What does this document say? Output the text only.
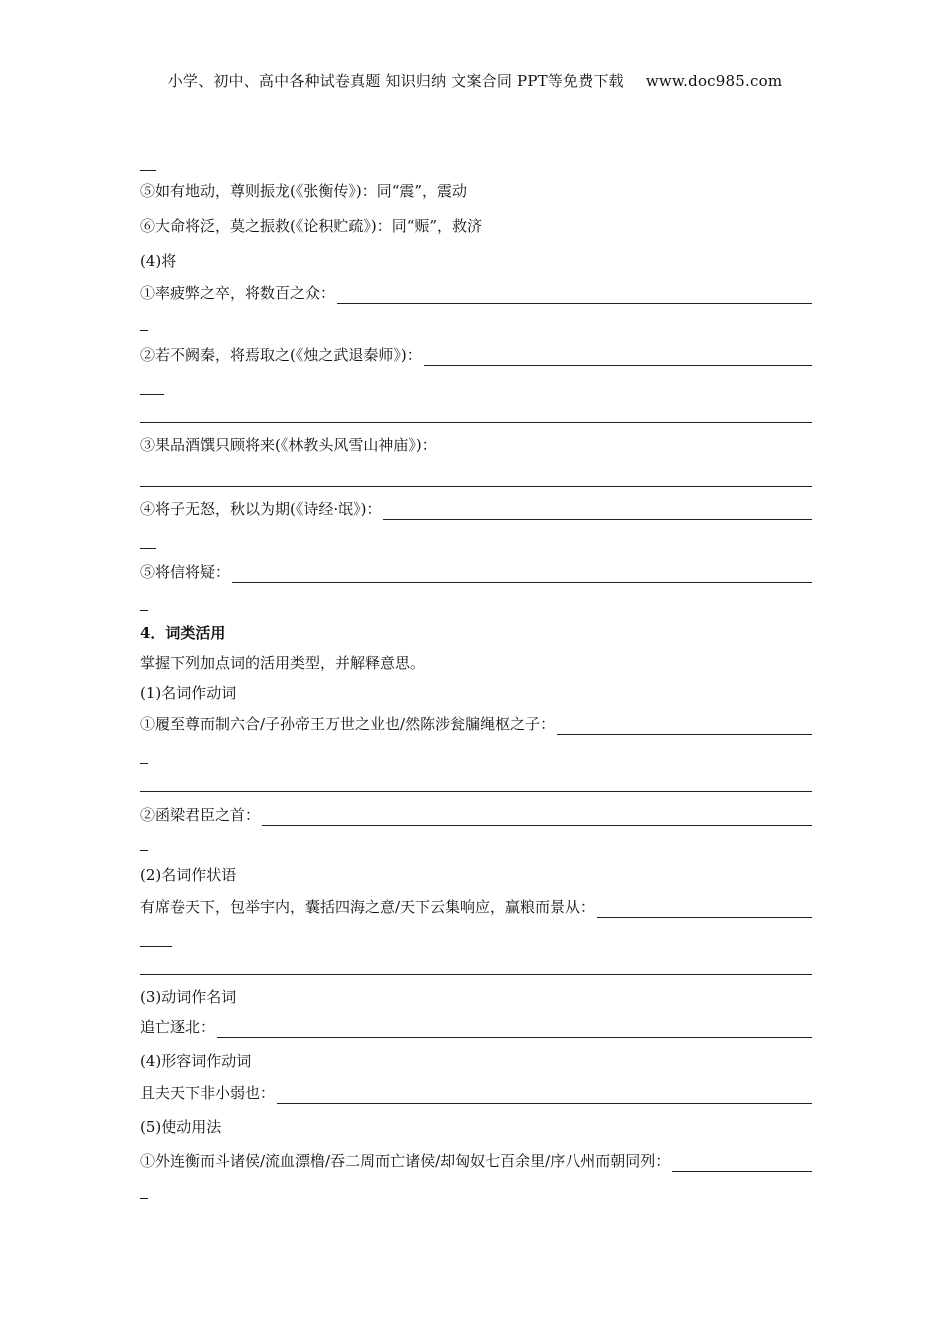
小学、初中、高中各种试卷真题 知识归纳 文案合同 PPT等免费下载 www.doc985.com
⑤如有地动，尊则振龙(《张衡传》)：同“震”，震动
⑥大命将泛，莫之振救(《论积贮疏》)：同“赈”，救济
(4)将
①率疲弊之卒，将数百之众：
②若不阙秦，将焉取之(《烛之武退秦师》)：
③果品酒馔只顾将来(《林教头风雪山神庙》)：
④将子无怒，秋以为期(《诗经·氓》)：
⑤将信将疑：
4．词类活用
掌握下列加点词的活用类型，并解释意思。
(1)名词作动词
①履至尊而制六合/子孙帝王万世之业也/然陈涉瓮牖绳枢之子：
②函梁君臣之首：
(2)名词作状语
有席卷天下，包举宇内，囊括四海之意/天下云集响应，赢粮而景从：
(3)动词作名词
追亡逐北：
(4)形容词作动词
且夫天下非小弱也：
(5)使动用法
①外连衡而斗诸侯/流血漂橹/吞二周而亡诸侯/却匈奴七百余里/序八州而朝同列：
